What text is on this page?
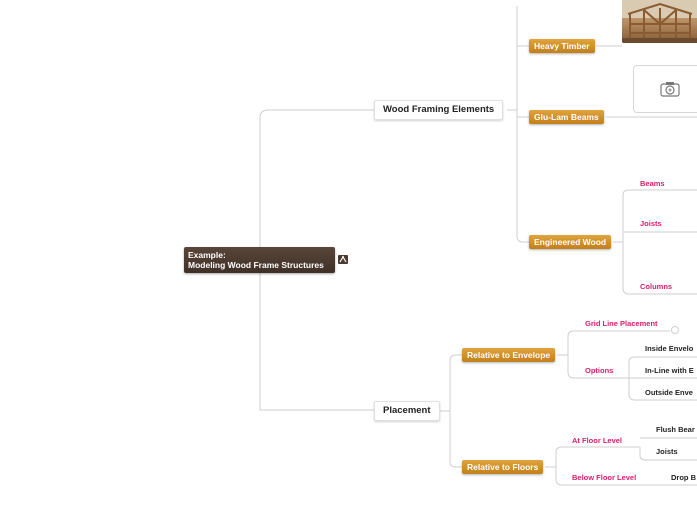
Example:
Modeling Wood Frame Structures
Wood Framing Elements
Placement
Heavy Timber
Glu-Lam Beams
Engineered Wood
Beams
Joists
Columns
Relative to Envelope
Relative to Floors
Grid Line Placement
Options
Inside Envelo
In-Line with E
Outside Enve
At Floor Level
Below Floor Level
Flush Bear
Joists
Drop B
